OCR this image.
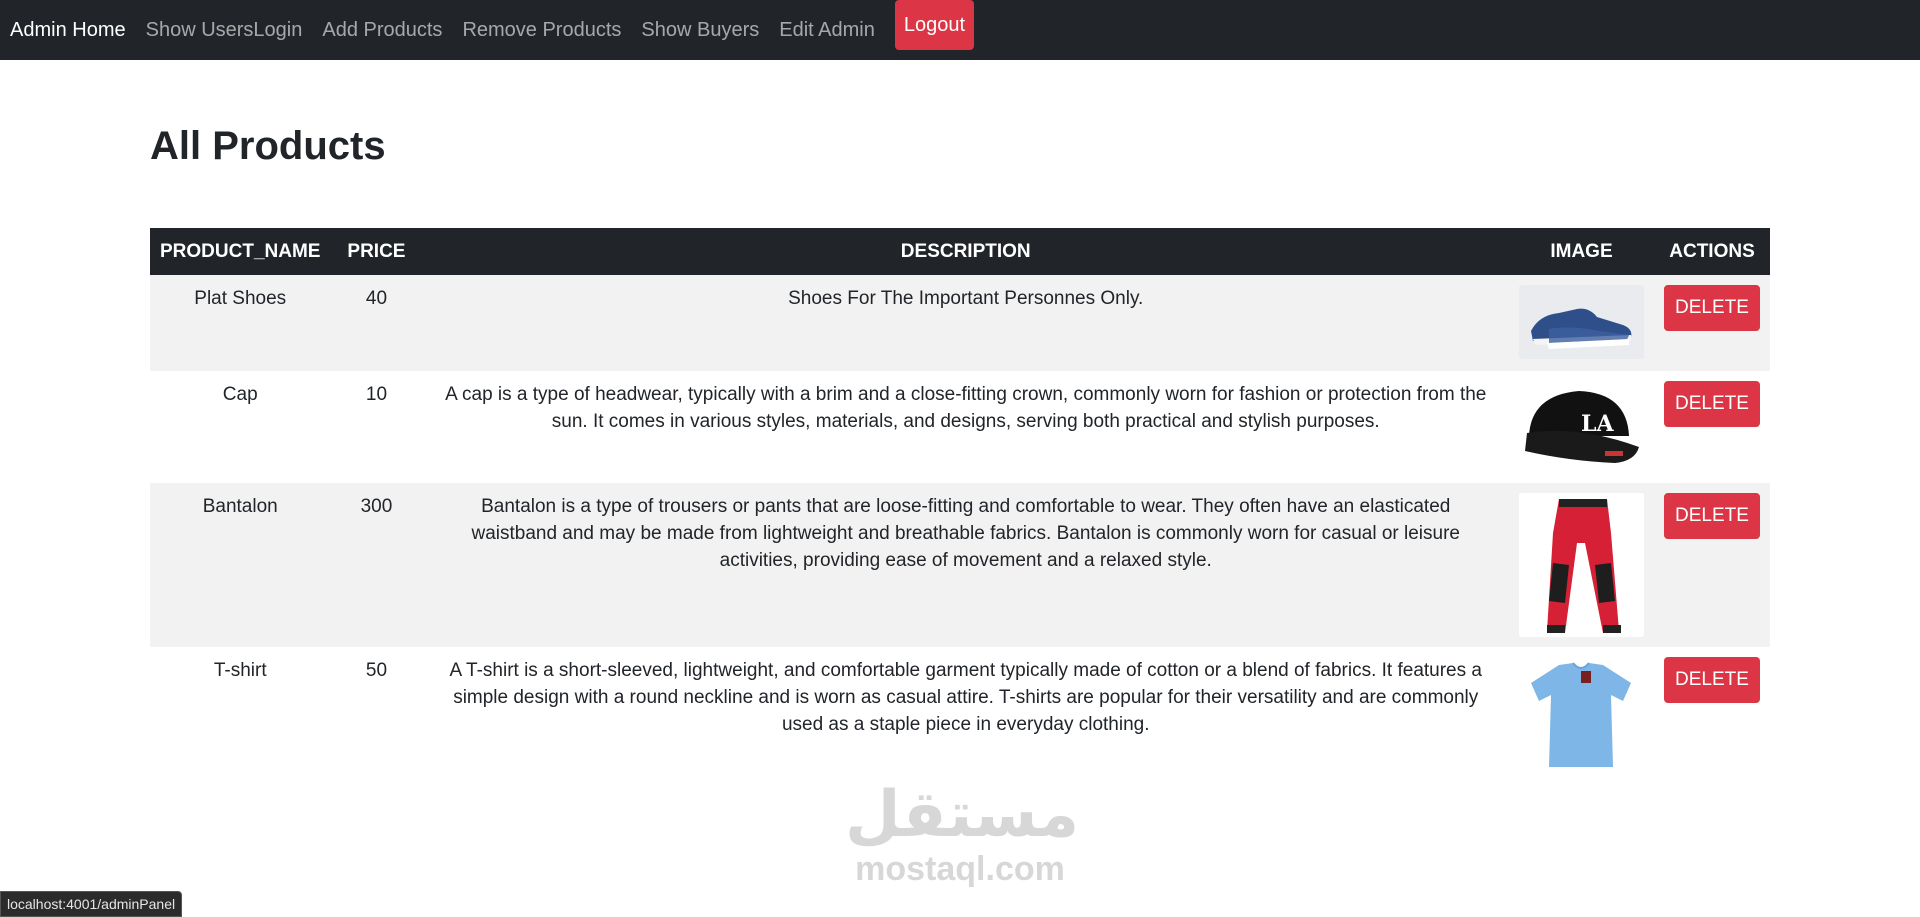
Admin Home Show UsersLogin Add Products Remove Products Show Buyers Edit Admin	Logout
All Products
PRODUCT_NAME	PRICE	DESCRIPTION	IMAGE	ACTIONS
Plat Shoes	40	Shoes For The Important Personnes Only.		DELETE
Cap	10	A cap is a type of headwear, typically with a brim and a close-fitting crown, commonly worn for fashion or protection from the sun. It comes in various styles, materials, and designs, serving both practical and stylish purposes.	LA	DELETE
Bantalon	300	Bantalon is a type of trousers or pants that are loose-fitting and comfortable to wear. They often have an elasticated waistband and may be made from lightweight and breathable fabrics. Bantalon is commonly worn for casual or leisure activities, providing ease of movement and a relaxed style.		DELETE
T-shirt	50	A T-shirt is a short-sleeved, lightweight, and comfortable garment typically made of cotton or a blend of fabrics. It features a simple design with a round neckline and is worn as casual attire. T-shirts are popular for their versatility and are commonly used as a staple piece in everyday clothing.		DELETE
مستقل
mostaql.com
localhost:4001/adminPanel
